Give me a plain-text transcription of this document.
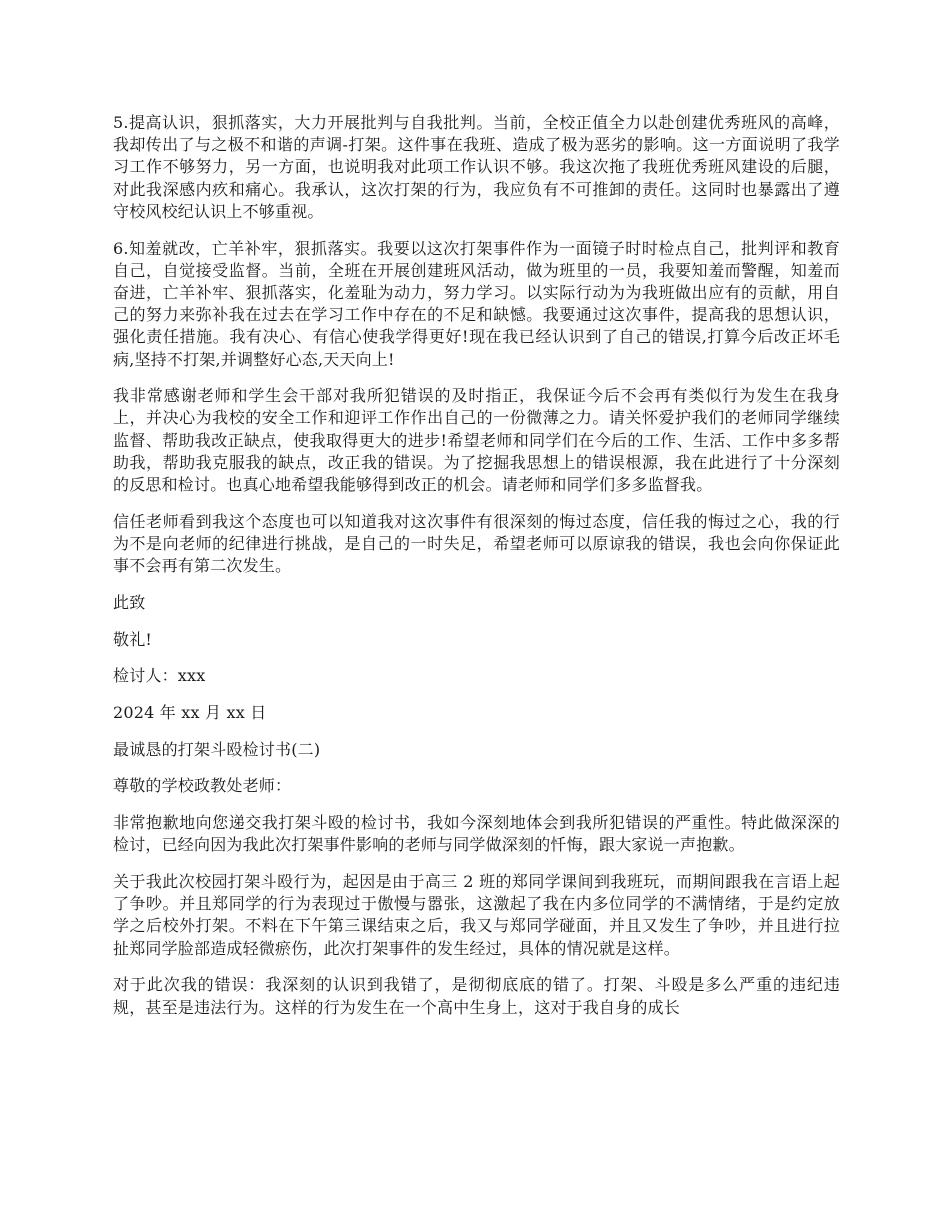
5.提高认识，狠抓落实，大力开展批判与自我批判。当前，全校正值全力以赴创建优秀班风的高峰，我却传出了与之极不和谐的声调-打架。这件事在我班、造成了极为恶劣的影响。这一方面说明了我学习工作不够努力，另一方面，也说明我对此项工作认识不够。我这次拖了我班优秀班风建设的后腿，对此我深感内疚和痛心。我承认，这次打架的行为，我应负有不可推卸的责任。这同时也暴露出了遵守校风校纪认识上不够重视。

6.知羞就改，亡羊补牢，狠抓落实。我要以这次打架事件作为一面镜子时时检点自己，批判评和教育自己，自觉接受监督。当前，全班在开展创建班风活动，做为班里的一员，我要知羞而警醒，知羞而奋进，亡羊补牢、狠抓落实，化羞耻为动力，努力学习。以实际行动为为我班做出应有的贡献，用自己的努力来弥补我在过去在学习工作中存在的不足和缺憾。我要通过这次事件，提高我的思想认识，强化责任措施。我有决心、有信心使我学得更好!现在我已经认识到了自己的错误,打算今后改正坏毛病,坚持不打架,并调整好心态,天天向上!

我非常感谢老师和学生会干部对我所犯错误的及时指正，我保证今后不会再有类似行为发生在我身上，并决心为我校的安全工作和迎评工作作出自己的一份微薄之力。请关怀爱护我们的老师同学继续监督、帮助我改正缺点，使我取得更大的进步!希望老师和同学们在今后的工作、生活、工作中多多帮助我，帮助我克服我的缺点，改正我的错误。为了挖掘我思想上的错误根源，我在此进行了十分深刻的反思和检讨。也真心地希望我能够得到改正的机会。请老师和同学们多多监督我。

信任老师看到我这个态度也可以知道我对这次事件有很深刻的悔过态度，信任我的悔过之心，我的行为不是向老师的纪律进行挑战，是自己的一时失足，希望老师可以原谅我的错误，我也会向你保证此事不会再有第二次发生。

此致

敬礼!

检讨人：xxx

2024 年 xx 月 xx 日

最诚恳的打架斗殴检讨书(二)

尊敬的学校政教处老师：

非常抱歉地向您递交我打架斗殴的检讨书，我如今深刻地体会到我所犯错误的严重性。特此做深深的检讨，已经向因为我此次打架事件影响的老师与同学做深刻的忏悔，跟大家说一声抱歉。

关于我此次校园打架斗殴行为，起因是由于高三 2 班的郑同学课间到我班玩，而期间跟我在言语上起了争吵。并且郑同学的行为表现过于傲慢与嚣张，这激起了我在内多位同学的不满情绪，于是约定放学之后校外打架。不料在下午第三课结束之后，我又与郑同学碰面，并且又发生了争吵，并且进行拉扯郑同学脸部造成轻微瘀伤，此次打架事件的发生经过，具体的情况就是这样。

对于此次我的错误：我深刻的认识到我错了，是彻彻底底的错了。打架、斗殴是多么严重的违纪违规，甚至是违法行为。这样的行为发生在一个高中生身上，这对于我自身的成长
